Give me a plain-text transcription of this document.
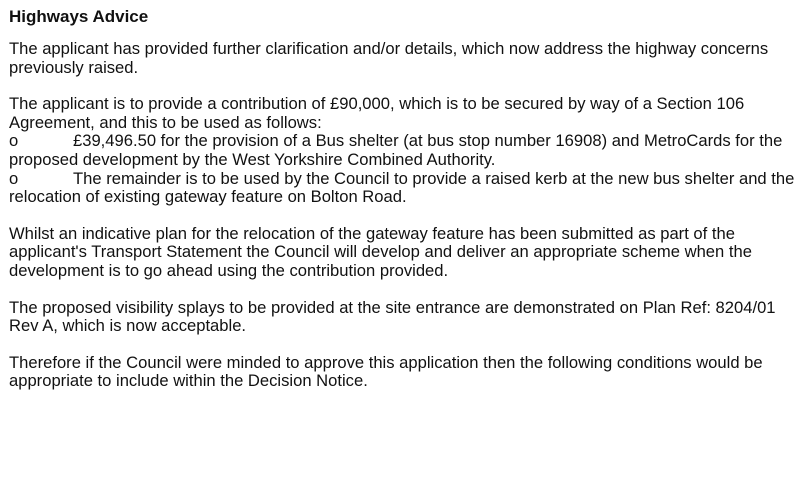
Highways Advice

The applicant has provided further clarification and/or details, which now address the highway concerns previously raised.

The applicant is to provide a contribution of £90,000, which is to be secured by way of a Section 106 Agreement, and this to be used as follows:

o	£39,496.50 for the provision of a Bus shelter (at bus stop number 16908) and MetroCards for the proposed development by the West Yorkshire Combined Authority.

o	The remainder is to be used by the Council to provide a raised kerb at the new bus shelter and the relocation of existing gateway feature on Bolton Road.

Whilst an indicative plan for the relocation of the gateway feature has been submitted as part of the applicant's Transport Statement the Council will develop and deliver an appropriate scheme when the development is to go ahead using the contribution provided.

The proposed visibility splays to be provided at the site entrance are demonstrated on Plan Ref: 8204/01 Rev A, which is now acceptable.

Therefore if the Council were minded to approve this application then the following conditions would be appropriate to include within the Decision Notice.
